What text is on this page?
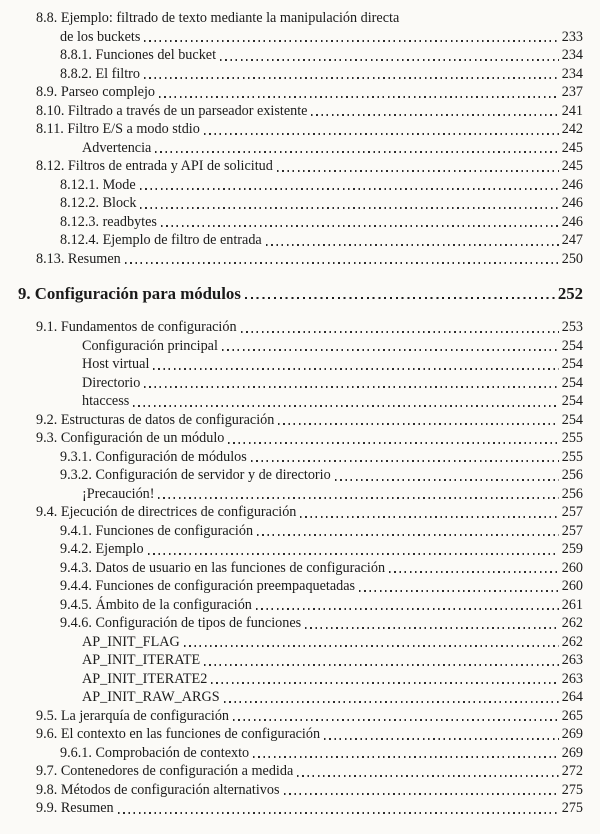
8.8. Ejemplo: filtrado de texto mediante la manipulación directa
de los buckets	233
8.8.1. Funciones del bucket	234
8.8.2. El filtro	234
8.9. Parseo complejo	237
8.10. Filtrado a través de un parseador existente	241
8.11. Filtro E/S a modo stdio	242
Advertencia	245
8.12. Filtros de entrada y API de solicitud	245
8.12.1. Mode	246
8.12.2. Block	246
8.12.3. readbytes	246
8.12.4. Ejemplo de filtro de entrada	247
8.13. Resumen	250
9. Configuración para módulos	252
9.1. Fundamentos de configuración	253
Configuración principal	254
Host virtual	254
Directorio	254
htaccess	254
9.2. Estructuras de datos de configuración	254
9.3. Configuración de un módulo	255
9.3.1. Configuración de módulos	255
9.3.2. Configuración de servidor y de directorio	256
¡Precaución!	256
9.4. Ejecución de directrices de configuración	257
9.4.1. Funciones de configuración	257
9.4.2. Ejemplo	259
9.4.3. Datos de usuario en las funciones de configuración	260
9.4.4. Funciones de configuración preempaquetadas	260
9.4.5. Ámbito de la configuración	261
9.4.6. Configuración de tipos de funciones	262
AP_INIT_FLAG	262
AP_INIT_ITERATE	263
AP_INIT_ITERATE2	263
AP_INIT_RAW_ARGS	264
9.5. La jerarquía de configuración	265
9.6. El contexto en las funciones de configuración	269
9.6.1. Comprobación de contexto	269
9.7. Contenedores de configuración a medida	272
9.8. Métodos de configuración alternativos	275
9.9. Resumen	275
